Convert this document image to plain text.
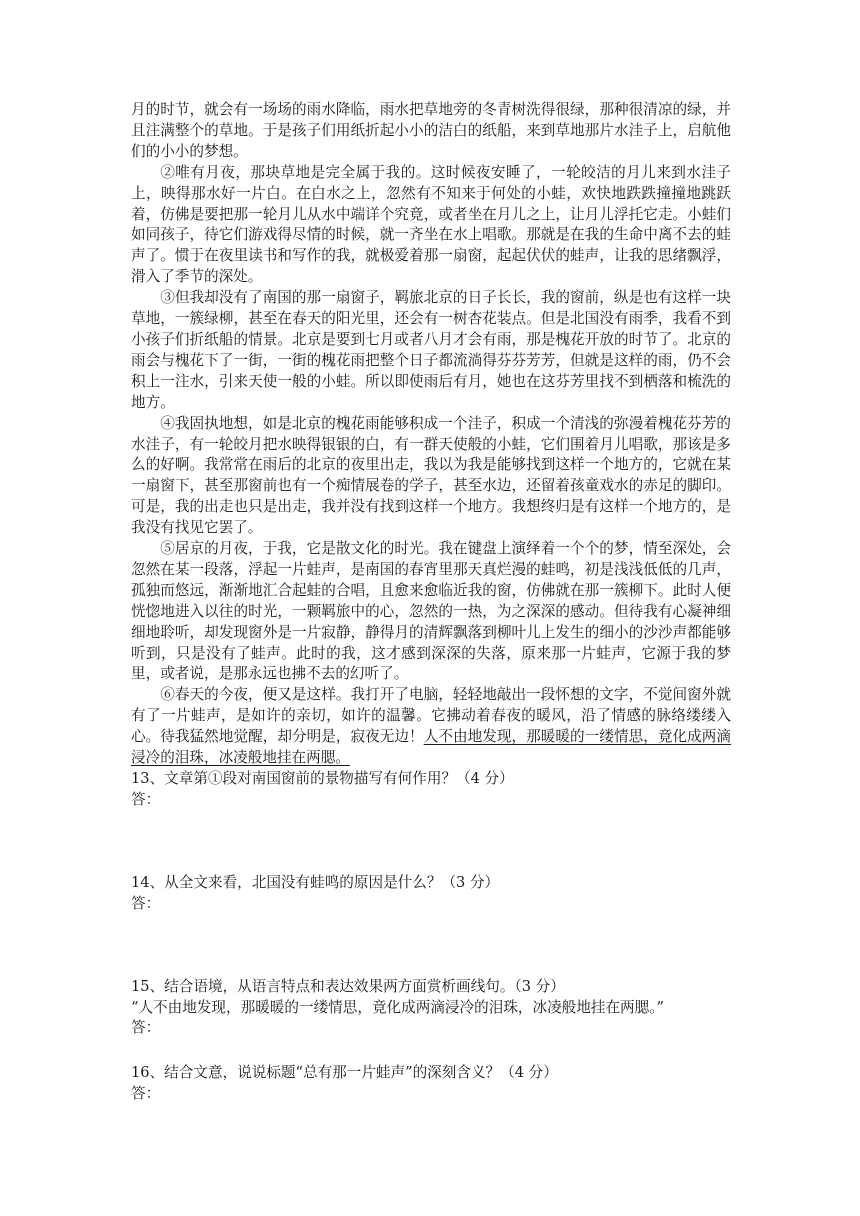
月的时节，就会有一场场的雨水降临，雨水把草地旁的冬青树洗得很绿，那种很清凉的绿，并且注满整个的草地。于是孩子们用纸折起小小的洁白的纸船，来到草地那片水洼子上，启航他们的小小的梦想。

②唯有月夜，那块草地是完全属于我的。这时候夜安睡了，一轮皎洁的月儿来到水洼子上，映得那水好一片白。在白水之上，忽然有不知来于何处的小蛙，欢快地跌跌撞撞地跳跃着，仿佛是要把那一轮月儿从水中端详个究竟，或者坐在月儿之上，让月儿浮托它走。小蛙们如同孩子，待它们游戏得尽情的时候，就一齐坐在水上唱歌。那就是在我的生命中离不去的蛙声了。惯于在夜里读书和写作的我，就极爱着那一扇窗，起起伏伏的蛙声，让我的思绪飘浮，滑入了季节的深处。

③但我却没有了南国的那一扇窗子，羁旅北京的日子长长，我的窗前，纵是也有这样一块草地，一簇绿柳，甚至在春天的阳光里，还会有一树杏花装点。但是北国没有雨季，我看不到小孩子们折纸船的情景。北京是要到七月或者八月才会有雨，那是槐花开放的时节了。北京的雨会与槐花下了一街，一街的槐花雨把整个日子都流淌得芬芬芳芳，但就是这样的雨，仍不会积上一注水，引来天使一般的小蛙。所以即使雨后有月，她也在这芬芳里找不到栖落和梳洗的地方。

④我固执地想，如是北京的槐花雨能够积成一个洼子，积成一个清浅的弥漫着槐花芬芳的水洼子，有一轮皎月把水映得银银的白，有一群天使般的小蛙，它们围着月儿唱歌，那该是多么的好啊。我常常在雨后的北京的夜里出走，我以为我是能够找到这样一个地方的，它就在某一扇窗下，甚至那窗前也有一个痴情展卷的学子，甚至水边，还留着孩童戏水的赤足的脚印。可是，我的出走也只是出走，我并没有找到这样一个地方。我想终归是有这样一个地方的，是我没有找见它罢了。

⑤居京的月夜，于我，它是散文化的时光。我在键盘上演绎着一个个的梦，情至深处，会忽然在某一段落，浮起一片蛙声，是南国的春宵里那天真烂漫的蛙鸣，初是浅浅低低的几声，孤独而悠远，渐渐地汇合起蛙的合唱，且愈来愈临近我的窗，仿佛就在那一簇柳下。此时人便恍惚地进入以往的时光，一颗羁旅中的心，忽然的一热，为之深深的感动。但待我有心凝神细细地聆听，却发现窗外是一片寂静，静得月的清辉飘落到柳叶儿上发生的细小的沙沙声都能够听到，只是没有了蛙声。此时的我，这才感到深深的失落，原来那一片蛙声，它源于我的梦里，或者说，是那永远也拂不去的幻听了。

⑥春天的今夜，便又是这样。我打开了电脑，轻轻地敲出一段怀想的文字，不觉间窗外就有了一片蛙声，是如许的亲切，如许的温馨。它拂动着春夜的暖风，沿了情感的脉络缕缕入心。待我猛然地觉醒，却分明是，寂夜无边！人不由地发现，那暖暖的一缕情思，竟化成两滴浸冷的泪珠，冰凌般地挂在两腮。

13、文章第①段对南国窗前的景物描写有何作用？（4 分）

答：

14、从全文来看，北国没有蛙鸣的原因是什么？（3 分）

答：

15、结合语境，从语言特点和表达效果两方面赏析画线句。（3 分）

“人不由地发现，那暖暖的一缕情思，竟化成两滴浸冷的泪珠，冰凌般地挂在两腮。”

答：

16、结合文意，说说标题“总有那一片蛙声”的深刻含义？（4 分）

答：
